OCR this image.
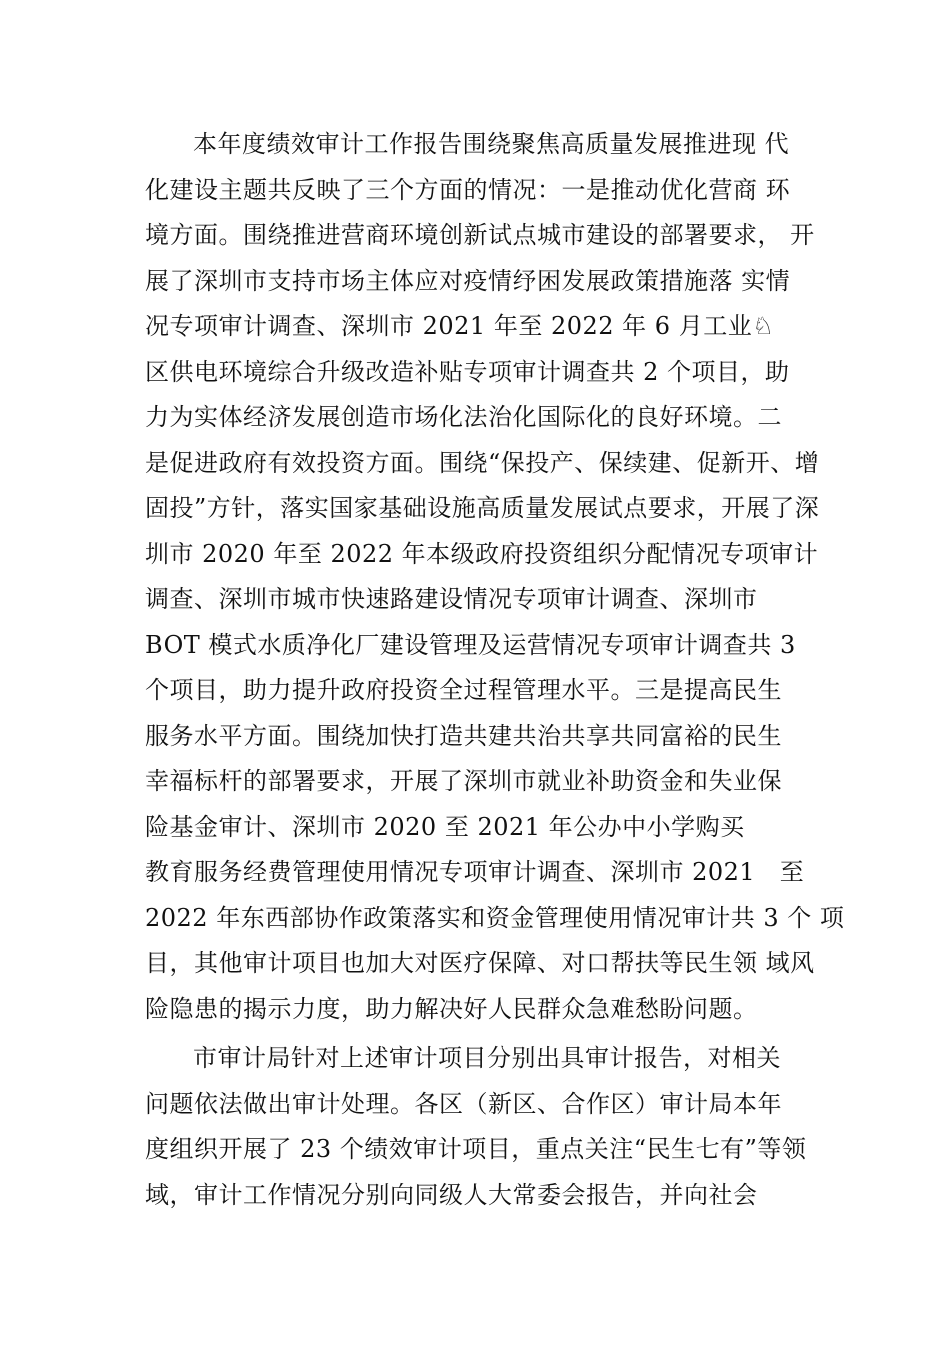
本年度绩效审计工作报告围绕聚焦高质量发展推进现 代
化建设主题共反映了三个方面的情况：一是推动优化营商 环
境方面。围绕推进营商环境创新试点城市建设的部署要求， 开
展了深圳市支持市场主体应对疫情纾困发展政策措施落 实情
况专项审计调查、深圳市 2021 年至 2022 年 6 月工业♘
区供电环境综合升级改造补贴专项审计调查共 2 个项目，助
力为实体经济发展创造市场化法治化国际化的良好环境。二
是促进政府有效投资方面。围绕“保投产、保续建、促新开、增
固投”方针，落实国家基础设施高质量发展试点要求，开展了深
圳市 2020 年至 2022 年本级政府投资组织分配情况专项审计
调查、深圳市城市快速路建设情况专项审计调查、深圳市
BOT 模式水质净化厂建设管理及运营情况专项审计调查共 3
个项目，助力提升政府投资全过程管理水平。三是提高民生
服务水平方面。围绕加快打造共建共治共享共同富裕的民生
幸福标杆的部署要求，开展了深圳市就业补助资金和失业保
险基金审计、深圳市 2020 至 2021 年公办中小学购买
教育服务经费管理使用情况专项审计调查、深圳市 2021　至
2022 年东西部协作政策落实和资金管理使用情况审计共 3 个 项
目，其他审计项目也加大对医疗保障、对口帮扶等民生领 域风
险隐患的揭示力度，助力解决好人民群众急难愁盼问题。
市审计局针对上述审计项目分别出具审计报告，对相关
问题依法做出审计处理。各区（新区、合作区）审计局本年
度组织开展了 23 个绩效审计项目，重点关注“民生七有”等领
域，审计工作情况分别向同级人大常委会报告，并向社会
